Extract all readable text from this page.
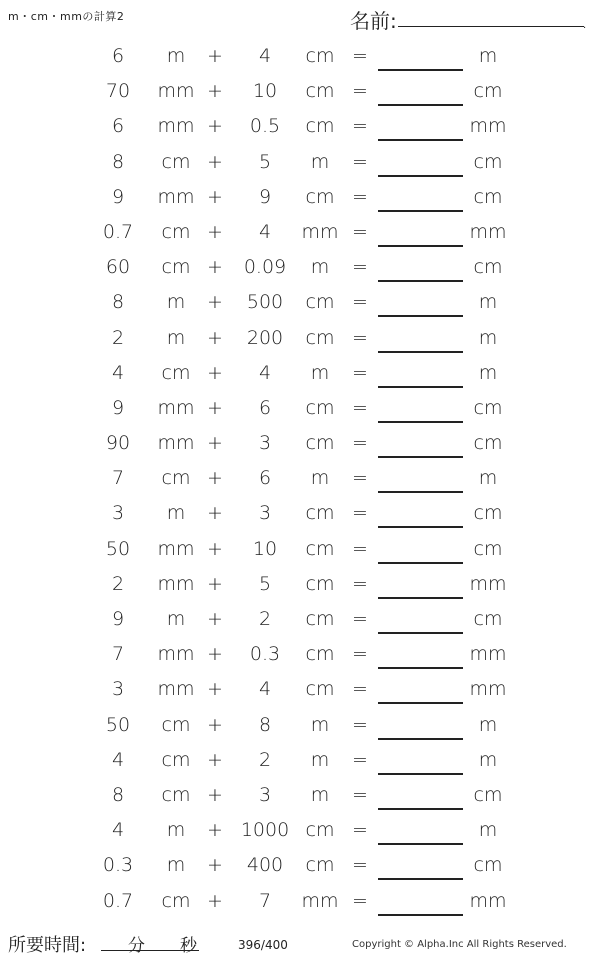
m・cm・mmの計算2	名前:	.
6	m	+	4	cm =	m
70	mm +	10	cm =	cm
6	mm +	0.5	cm =	mm
8	cm +	5	m	=	cm
9	mm +	9	cm =	cm
0.7	cm +	4	mm =	mm
60	cm +	0.09	m	=	cm
8	m	+	500	cm =	m
2	m	+	200	cm =	m
4	cm +	4	m	=	m
9	mm +	6	cm =	cm
90	mm +	3	cm =	cm
7	cm +	6	m	=	m
3	m	+	3	cm =	cm
50	mm +	10	cm =	cm
2	mm +	5	cm =	mm
9	m	+	2	cm =	cm
7	mm +	0.3	cm =	mm
3	mm +	4	cm =	mm
50	cm +	8	m	=	m
4	cm +	2	m	=	m
8	cm +	3	m	=	cm
4	m	+ 1000 cm =	m
0.3	m	+	400	cm =	cm
0.7	cm +	7	mm =	mm
所要時間: 分 秒	396/400	Copyright © Alpha.Inc All Rights Reserved.
